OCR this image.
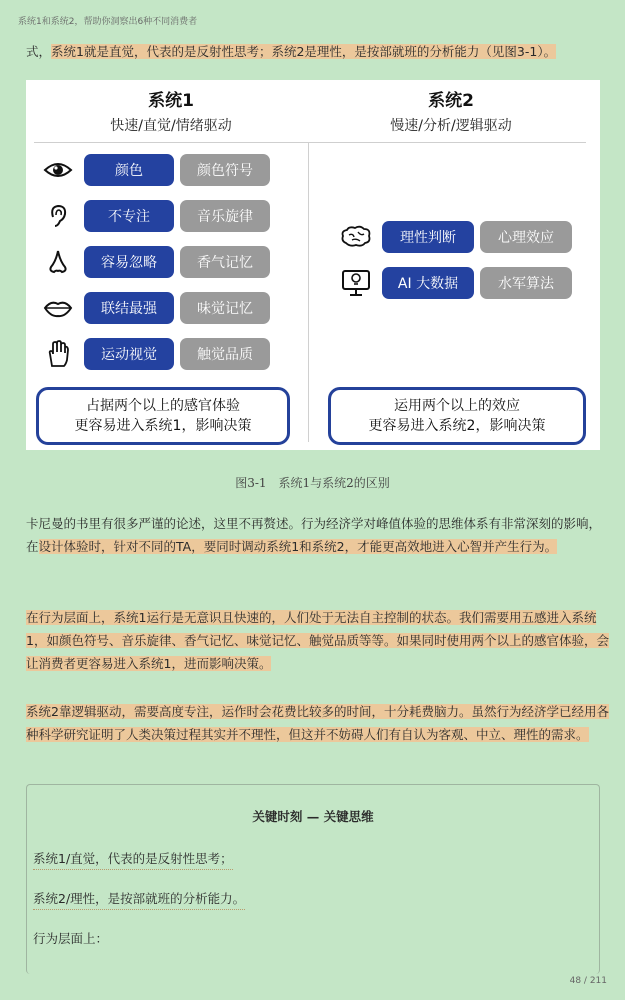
系统1和系统2，帮助你洞察出6种不同消费者
式，系统1就是直觉，代表的是反射性思考；系统2是理性，是按部就班的分析能力（见图3-1）。
系统1
快速/直觉/情绪驱动
系统2
慢速/分析/逻辑驱动
颜色	颜色符号
不专注	音乐旋律
容易忽略	香气记忆
联结最强	味觉记忆
运动视觉	触觉品质
占据两个以上的感官体验
更容易进入系统1，影响决策
理性判断	心理效应
AI 大数据	水军算法
运用两个以上的效应
更容易进入系统2，影响决策
图3-1　系统1与系统2的区别
卡尼曼的书里有很多严谨的论述，这里不再赘述。行为经济学对峰值体验的思维体系有非常深刻的影响，在设计体验时，针对不同的TA，要同时调动系统1和系统2，才能更高效地进入心智并产生行为。
在行为层面上，系统1运行是无意识且快速的，人们处于无法自主控制的状态。我们需要用五感进入系统1，如颜色符号、音乐旋律、香气记忆、味觉记忆、触觉品质等等。如果同时使用两个以上的感官体验，会让消费者更容易进入系统1，进而影响决策。
系统2靠逻辑驱动，需要高度专注，运作时会花费比较多的时间，十分耗费脑力。虽然行为经济学已经用各种科学研究证明了人类决策过程其实并不理性，但这并不妨碍人们有自认为客观、中立、理性的需求。
关键时刻 — 关键思维
系统1/直觉，代表的是反射性思考；
系统2/理性，是按部就班的分析能力。
行为层面上：
48 / 211
